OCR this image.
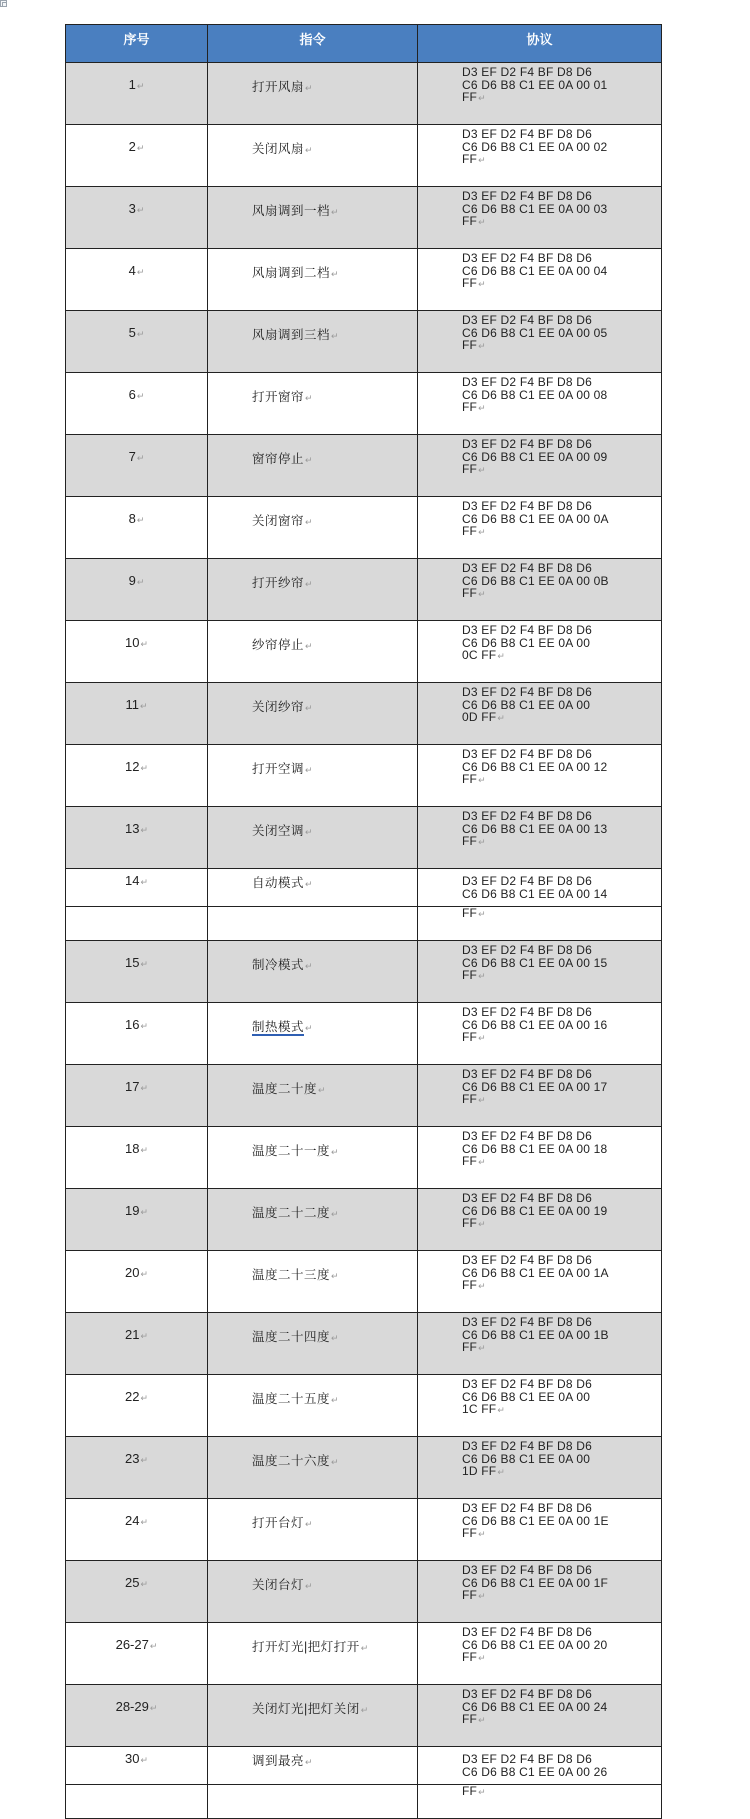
序号	指令	协议
1↵	打开风扇↵
D3 EF D2 F4 BF D8 D6
C6 D6 B8 C1 EE 0A 00 01
FF↵
2↵	关闭风扇↵
D3 EF D2 F4 BF D8 D6
C6 D6 B8 C1 EE 0A 00 02
FF↵
3↵	风扇调到一档↵
D3 EF D2 F4 BF D8 D6
C6 D6 B8 C1 EE 0A 00 03
FF↵
4↵	风扇调到二档↵
D3 EF D2 F4 BF D8 D6
C6 D6 B8 C1 EE 0A 00 04
FF↵
5↵	风扇调到三档↵
D3 EF D2 F4 BF D8 D6
C6 D6 B8 C1 EE 0A 00 05
FF↵
6↵	打开窗帘↵
D3 EF D2 F4 BF D8 D6
C6 D6 B8 C1 EE 0A 00 08
FF↵
7↵	窗帘停止↵
D3 EF D2 F4 BF D8 D6
C6 D6 B8 C1 EE 0A 00 09
FF↵
8↵	关闭窗帘↵
D3 EF D2 F4 BF D8 D6
C6 D6 B8 C1 EE 0A 00 0A
FF↵
9↵	打开纱帘↵
D3 EF D2 F4 BF D8 D6
C6 D6 B8 C1 EE 0A 00 0B
FF↵
10↵	纱帘停止↵
D3 EF D2 F4 BF D8 D6
C6 D6 B8 C1 EE 0A 00
0C FF↵
11↵	关闭纱帘↵
D3 EF D2 F4 BF D8 D6
C6 D6 B8 C1 EE 0A 00
0D FF↵
12↵	打开空调↵
D3 EF D2 F4 BF D8 D6
C6 D6 B8 C1 EE 0A 00 12
FF↵
13↵	关闭空调↵
D3 EF D2 F4 BF D8 D6
C6 D6 B8 C1 EE 0A 00 13
FF↵
14↵	自动模式↵	D3 EF D2 F4 BF D8 D6
C6 D6 B8 C1 EE 0A 00 14
FF↵
15↵	制冷模式↵
D3 EF D2 F4 BF D8 D6
C6 D6 B8 C1 EE 0A 00 15
FF↵
16↵	制热模式↵
D3 EF D2 F4 BF D8 D6
C6 D6 B8 C1 EE 0A 00 16
FF↵
17↵	温度二十度↵
D3 EF D2 F4 BF D8 D6
C6 D6 B8 C1 EE 0A 00 17
FF↵
18↵	温度二十一度↵
D3 EF D2 F4 BF D8 D6
C6 D6 B8 C1 EE 0A 00 18
FF↵
19↵	温度二十二度↵
D3 EF D2 F4 BF D8 D6
C6 D6 B8 C1 EE 0A 00 19
FF↵
20↵	温度二十三度↵
D3 EF D2 F4 BF D8 D6
C6 D6 B8 C1 EE 0A 00 1A
FF↵
21↵	温度二十四度↵
D3 EF D2 F4 BF D8 D6
C6 D6 B8 C1 EE 0A 00 1B
FF↵
22↵	温度二十五度↵
D3 EF D2 F4 BF D8 D6
C6 D6 B8 C1 EE 0A 00
1C FF↵
23↵	温度二十六度↵
D3 EF D2 F4 BF D8 D6
C6 D6 B8 C1 EE 0A 00
1D FF↵
24↵	打开台灯↵
D3 EF D2 F4 BF D8 D6
C6 D6 B8 C1 EE 0A 00 1E
FF↵
25↵	关闭台灯↵
D3 EF D2 F4 BF D8 D6
C6 D6 B8 C1 EE 0A 00 1F
FF↵
26-27↵	打开灯光|把灯打开↵
D3 EF D2 F4 BF D8 D6
C6 D6 B8 C1 EE 0A 00 20
FF↵
28-29↵	关闭灯光|把灯关闭↵
D3 EF D2 F4 BF D8 D6
C6 D6 B8 C1 EE 0A 00 24
FF↵
30↵	调到最亮↵	D3 EF D2 F4 BF D8 D6
C6 D6 B8 C1 EE 0A 00 26
FF↵
